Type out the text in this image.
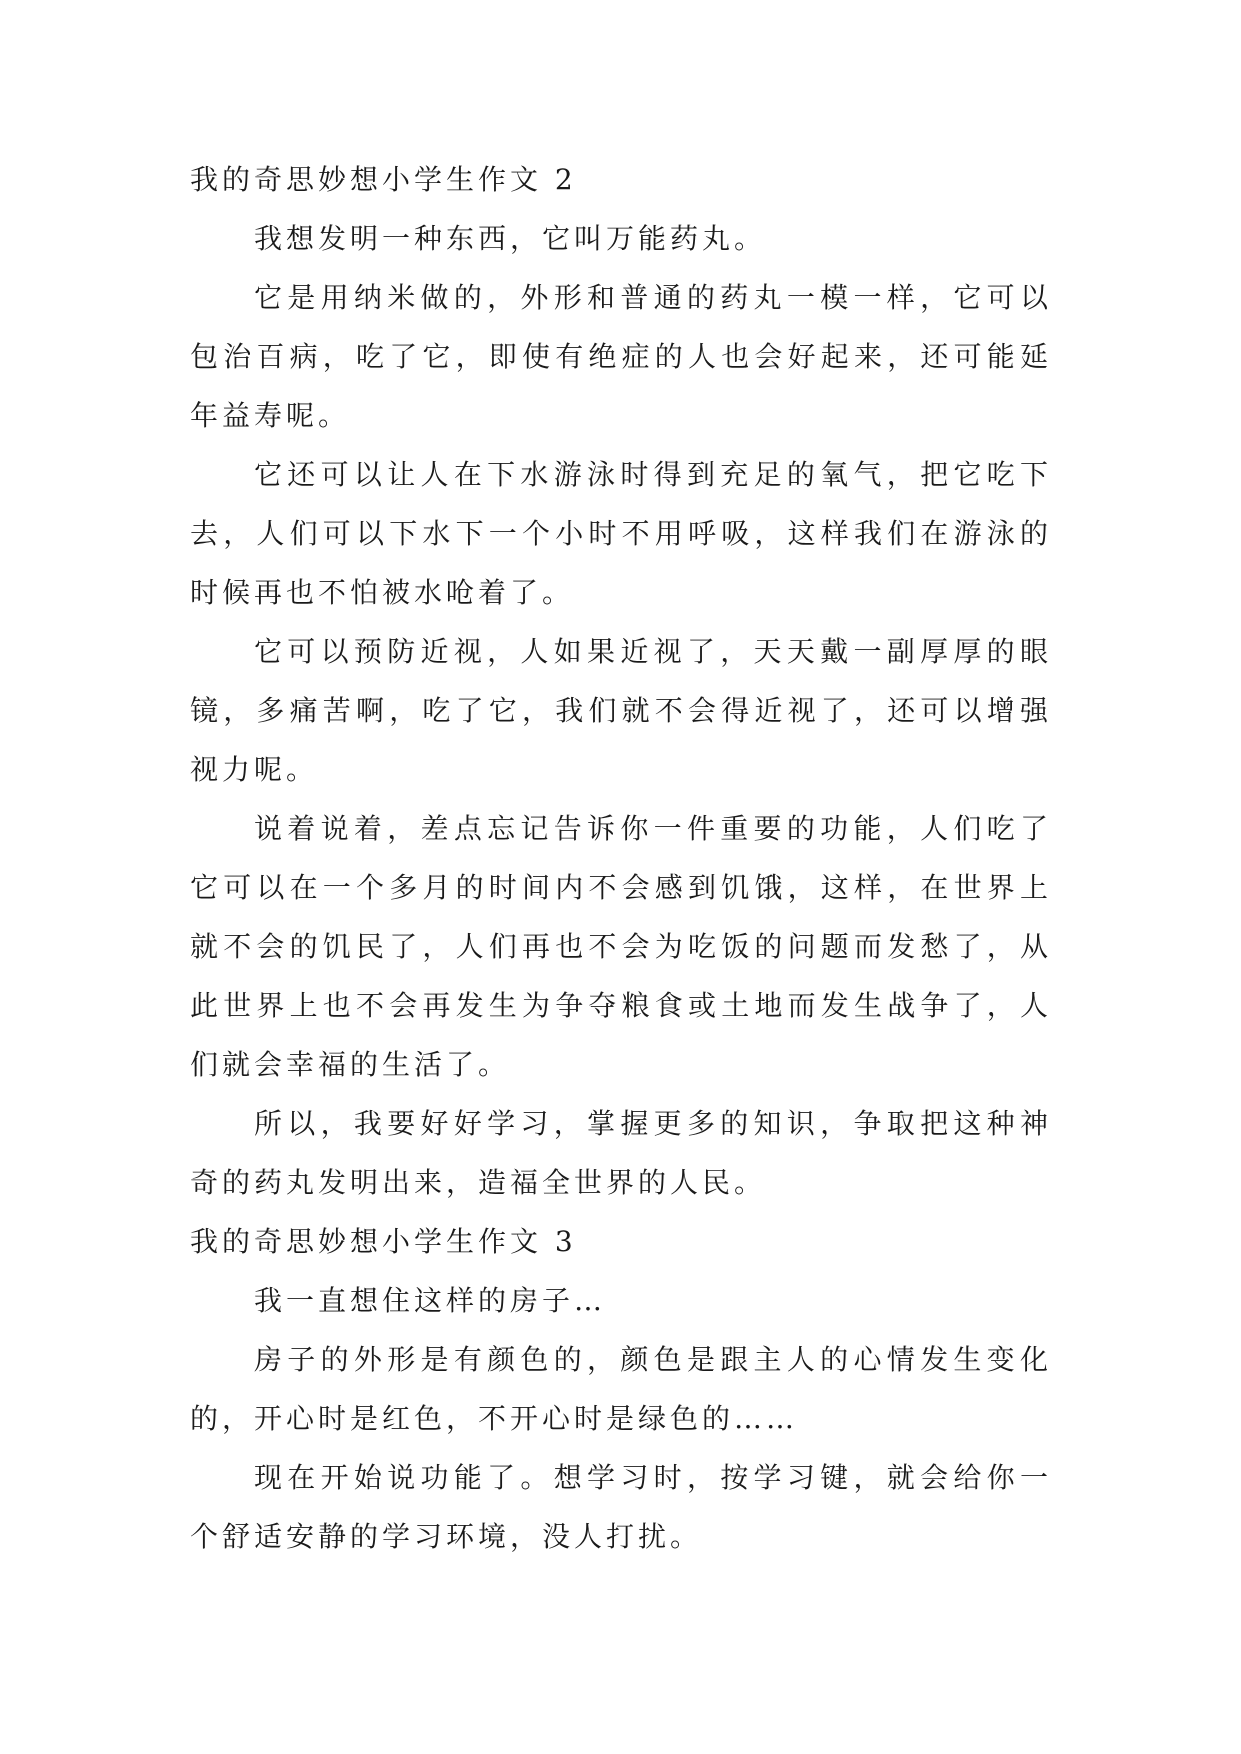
我的奇思妙想小学生作文 2

我想发明一种东西，它叫万能药丸。

它是用纳米做的，外形和普通的药丸一模一样，它可以包治百病，吃了它，即使有绝症的人也会好起来，还可能延年益寿呢。

它还可以让人在下水游泳时得到充足的氧气，把它吃下去，人们可以下水下一个小时不用呼吸，这样我们在游泳的时候再也不怕被水呛着了。

它可以预防近视，人如果近视了，天天戴一副厚厚的眼镜，多痛苦啊，吃了它，我们就不会得近视了，还可以增强视力呢。

说着说着，差点忘记告诉你一件重要的功能，人们吃了它可以在一个多月的时间内不会感到饥饿，这样，在世界上就不会的饥民了，人们再也不会为吃饭的问题而发愁了，从此世界上也不会再发生为争夺粮食或土地而发生战争了，人们就会幸福的生活了。

所以，我要好好学习，掌握更多的知识，争取把这种神奇的药丸发明出来，造福全世界的人民。

我的奇思妙想小学生作文 3

我一直想住这样的房子…

房子的外形是有颜色的，颜色是跟主人的心情发生变化的，开心时是红色，不开心时是绿色的……

现在开始说功能了。想学习时，按学习键，就会给你一个舒适安静的学习环境，没人打扰。
